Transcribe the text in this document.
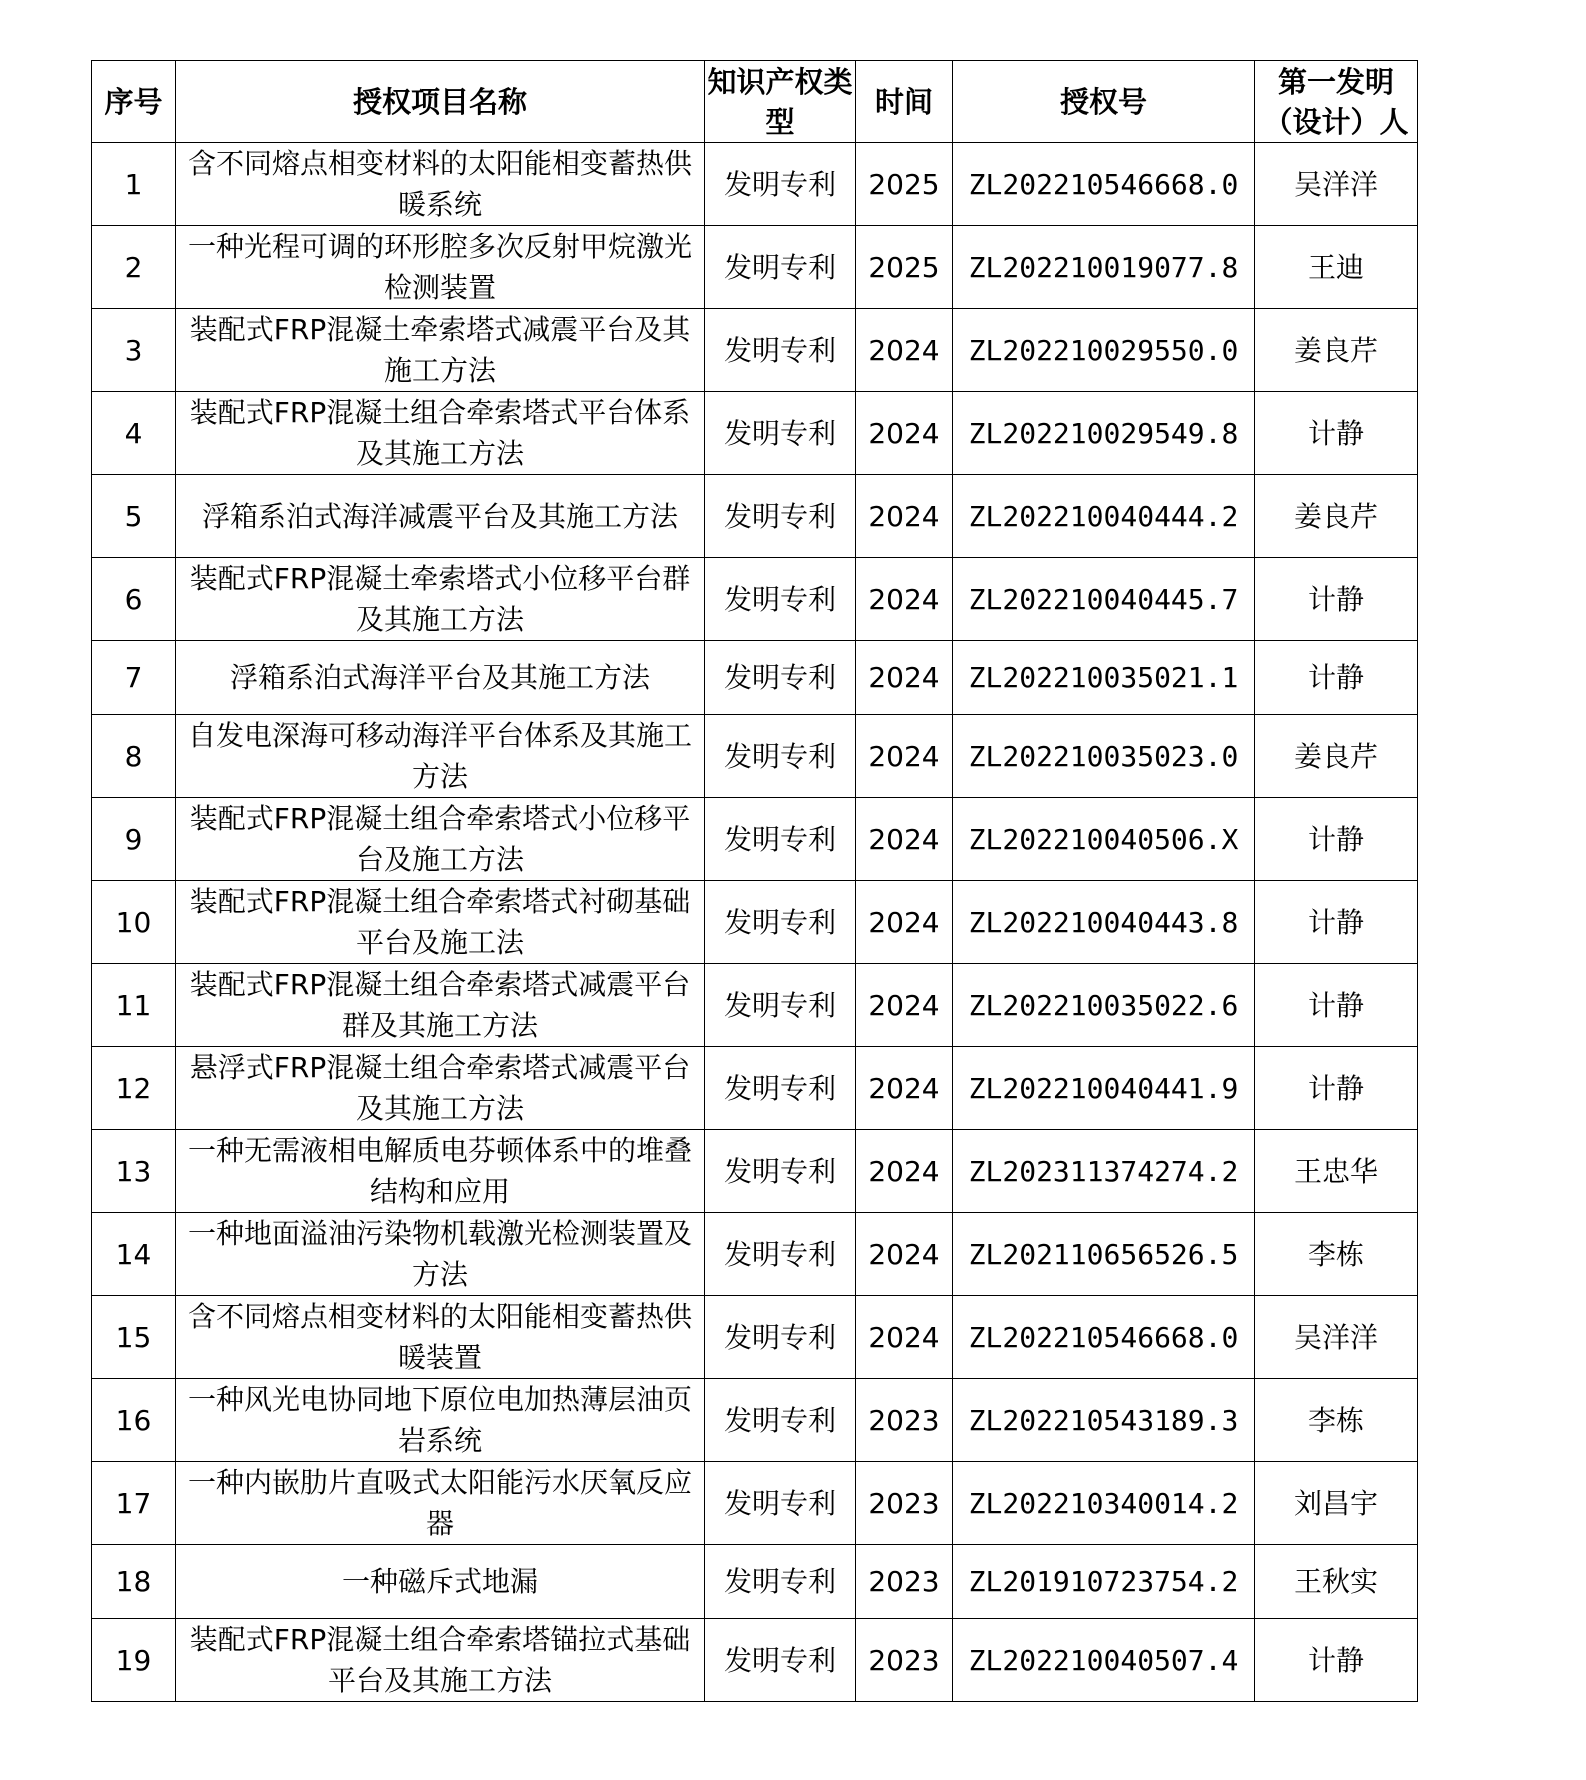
序号	授权项目名称	知识产权类型	时间	授权号	第一发明（设计）人
1	含不同熔点相变材料的太阳能相变蓄热供暖系统	发明专利	2025	ZL202210546668.0	吴洋洋
2	一种光程可调的环形腔多次反射甲烷激光检测装置	发明专利	2025	ZL202210019077.8	王迪
3	装配式FRP混凝土牵索塔式减震平台及其施工方法	发明专利	2024	ZL202210029550.0	姜良芹
4	装配式FRP混凝土组合牵索塔式平台体系及其施工方法	发明专利	2024	ZL202210029549.8	计静
5	浮箱系泊式海洋减震平台及其施工方法	发明专利	2024	ZL202210040444.2	姜良芹
6	装配式FRP混凝土牵索塔式小位移平台群及其施工方法	发明专利	2024	ZL202210040445.7	计静
7	浮箱系泊式海洋平台及其施工方法	发明专利	2024	ZL202210035021.1	计静
8	自发电深海可移动海洋平台体系及其施工方法	发明专利	2024	ZL202210035023.0	姜良芹
9	装配式FRP混凝土组合牵索塔式小位移平台及施工方法	发明专利	2024	ZL202210040506.X	计静
10	装配式FRP混凝土组合牵索塔式衬砌基础平台及施工法	发明专利	2024	ZL202210040443.8	计静
11	装配式FRP混凝土组合牵索塔式减震平台群及其施工方法	发明专利	2024	ZL202210035022.6	计静
12	悬浮式FRP混凝土组合牵索塔式减震平台及其施工方法	发明专利	2024	ZL202210040441.9	计静
13	一种无需液相电解质电芬顿体系中的堆叠结构和应用	发明专利	2024	ZL202311374274.2	王忠华
14	一种地面溢油污染物机载激光检测装置及方法	发明专利	2024	ZL202110656526.5	李栋
15	含不同熔点相变材料的太阳能相变蓄热供暖装置	发明专利	2024	ZL202210546668.0	吴洋洋
16	一种风光电协同地下原位电加热薄层油页岩系统	发明专利	2023	ZL202210543189.3	李栋
17	一种内嵌肋片直吸式太阳能污水厌氧反应器	发明专利	2023	ZL202210340014.2	刘昌宇
18	一种磁斥式地漏	发明专利	2023	ZL201910723754.2	王秋实
19	装配式FRP混凝土组合牵索塔锚拉式基础平台及其施工方法	发明专利	2023	ZL202210040507.4	计静
